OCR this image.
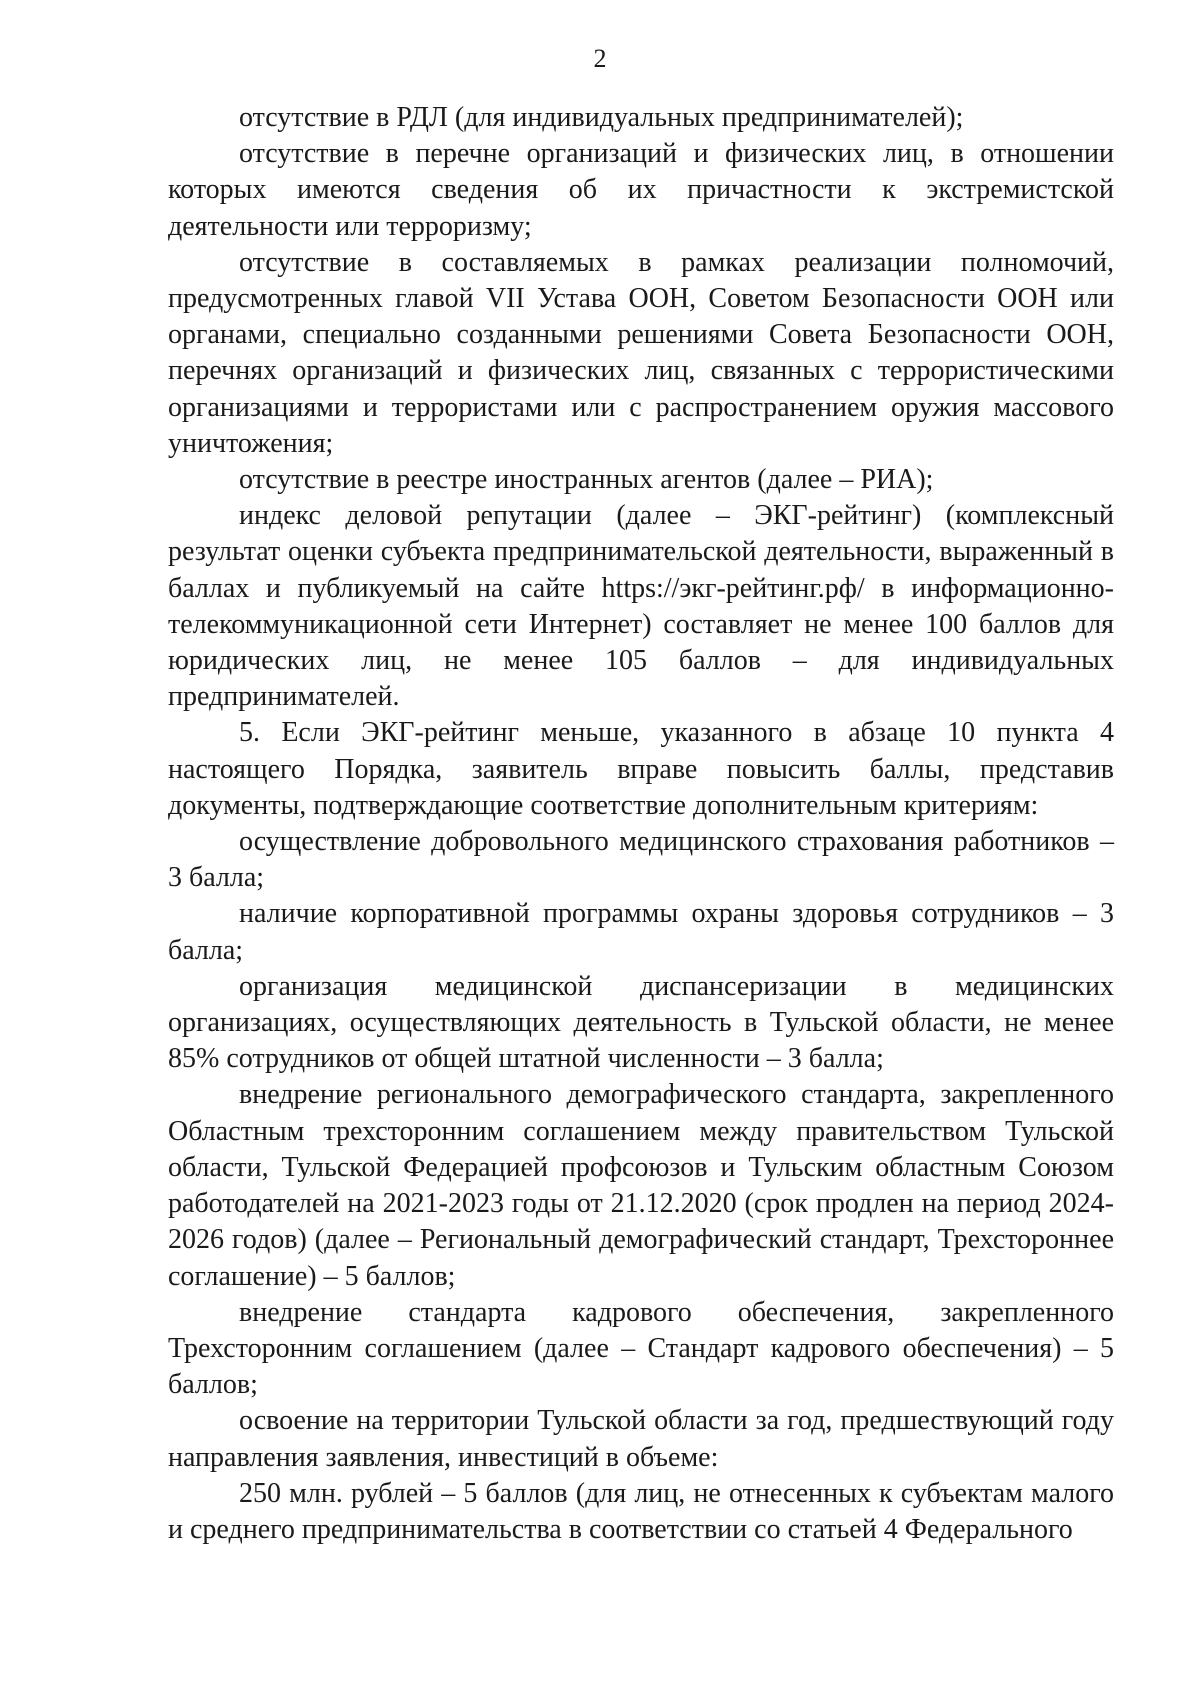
2

отсутствие в РДЛ (для индивидуальных предпринимателей);

отсутствие в перечне организаций и физических лиц, в отношении которых имеются сведения об их причастности к экстремистской деятельности или терроризму;

отсутствие в составляемых в рамках реализации полномочий, предусмотренных главой VII Устава ООН, Советом Безопасности ООН или органами, специально созданными решениями Совета Безопасности ООН, перечнях организаций и физических лиц, связанных с террористическими организациями и террористами или с распространением оружия массового уничтожения;

отсутствие в реестре иностранных агентов (далее – РИА);

индекс деловой репутации (далее – ЭКГ-рейтинг) (комплексный результат оценки субъекта предпринимательской деятельности, выраженный в баллах и публикуемый на сайте https://экг-рейтинг.рф/ в информационно-телекоммуникационной сети Интернет) составляет не менее 100 баллов для юридических лиц, не менее 105 баллов – для индивидуальных предпринимателей.

5. Если ЭКГ-рейтинг меньше, указанного в абзаце 10 пункта 4 настоящего Порядка, заявитель вправе повысить баллы, представив документы, подтверждающие соответствие дополнительным критериям:

осуществление добровольного медицинского страхования работников – 3 балла;

наличие корпоративной программы охраны здоровья сотрудников – 3 балла;

организация медицинской диспансеризации в медицинских организациях, осуществляющих деятельность в Тульской области, не менее 85% сотрудников от общей штатной численности – 3 балла;

внедрение регионального демографического стандарта, закрепленного Областным трехсторонним соглашением между правительством Тульской области, Тульской Федерацией профсоюзов и Тульским областным Союзом работодателей на 2021-2023 годы от 21.12.2020 (срок продлен на период 2024-2026 годов) (далее – Региональный демографический стандарт, Трехстороннее соглашение) – 5 баллов;

внедрение стандарта кадрового обеспечения, закрепленного Трехсторонним соглашением (далее – Стандарт кадрового обеспечения) – 5 баллов;

освоение на территории Тульской области за год, предшествующий году направления заявления, инвестиций в объеме:

250 млн. рублей – 5 баллов (для лиц, не отнесенных к субъектам малого и среднего предпринимательства в соответствии со статьей 4 Федерального
